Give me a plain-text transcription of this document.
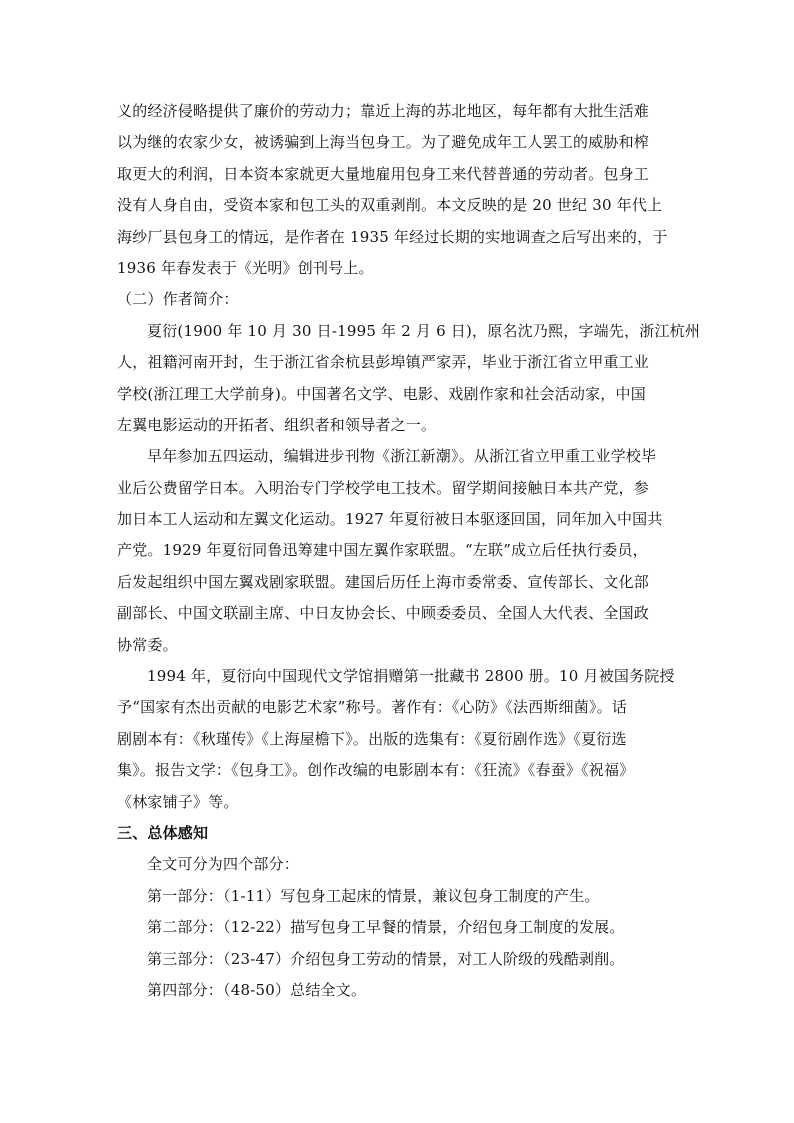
义的经济侵略提供了廉价的劳动力；靠近上海的苏北地区，每年都有大批生活难
以为继的农家少女，被诱骗到上海当包身工。为了避免成年工人罢工的威胁和榨
取更大的利润，日本资本家就更大量地雇用包身工来代替普通的劳动者。包身工
没有人身自由，受资本家和包工头的双重剥削。本文反映的是 20 世纪 30 年代上
海纱厂县包身工的情远，是作者在 1935 年经过长期的实地调查之后写出来的，于
1936 年春发表于《光明》创刊号上。
（二）作者简介：
夏衍(1900 年 10 月 30 日-1995 年 2 月 6 日)，原名沈乃熙，字端先，浙江杭州
人，祖籍河南开封，生于浙江省余杭县彭埠镇严家弄，毕业于浙江省立甲重工业
学校(浙江理工大学前身)。中国著名文学、电影、戏剧作家和社会活动家，中国
左翼电影运动的开拓者、组织者和领导者之一。
早年参加五四运动，编辑进步刊物《浙江新潮》。从浙江省立甲重工业学校毕
业后公费留学日本。入明治专门学校学电工技术。留学期间接触日本共产党，参
加日本工人运动和左翼文化运动。1927 年夏衍被日本驱逐回国，同年加入中国共
产党。1929 年夏衍同鲁迅筹建中国左翼作家联盟。“左联”成立后任执行委员，
后发起组织中国左翼戏剧家联盟。建国后历任上海市委常委、宣传部长、文化部
副部长、中国文联副主席、中日友协会长、中顾委委员、全国人大代表、全国政
协常委。
1994 年，夏衍向中国现代文学馆捐赠第一批藏书 2800 册。10 月被国务院授
予“国家有杰出贡献的电影艺术家”称号。著作有：《心防》《法西斯细菌》。话
剧剧本有：《秋瑾传》《上海屋檐下》。出版的选集有：《夏衍剧作选》《夏衍选
集》。报告文学：《包身工》。创作改编的电影剧本有：《狂流》《春蚕》《祝福》
《林家铺子》等。
三、总体感知
全文可分为四个部分：
第一部分：（1-11）写包身工起床的情景，兼议包身工制度的产生。
第二部分：（12-22）描写包身工早餐的情景，介绍包身工制度的发展。
第三部分：（23-47）介绍包身工劳动的情景，对工人阶级的残酷剥削。
第四部分：（48-50）总结全文。
